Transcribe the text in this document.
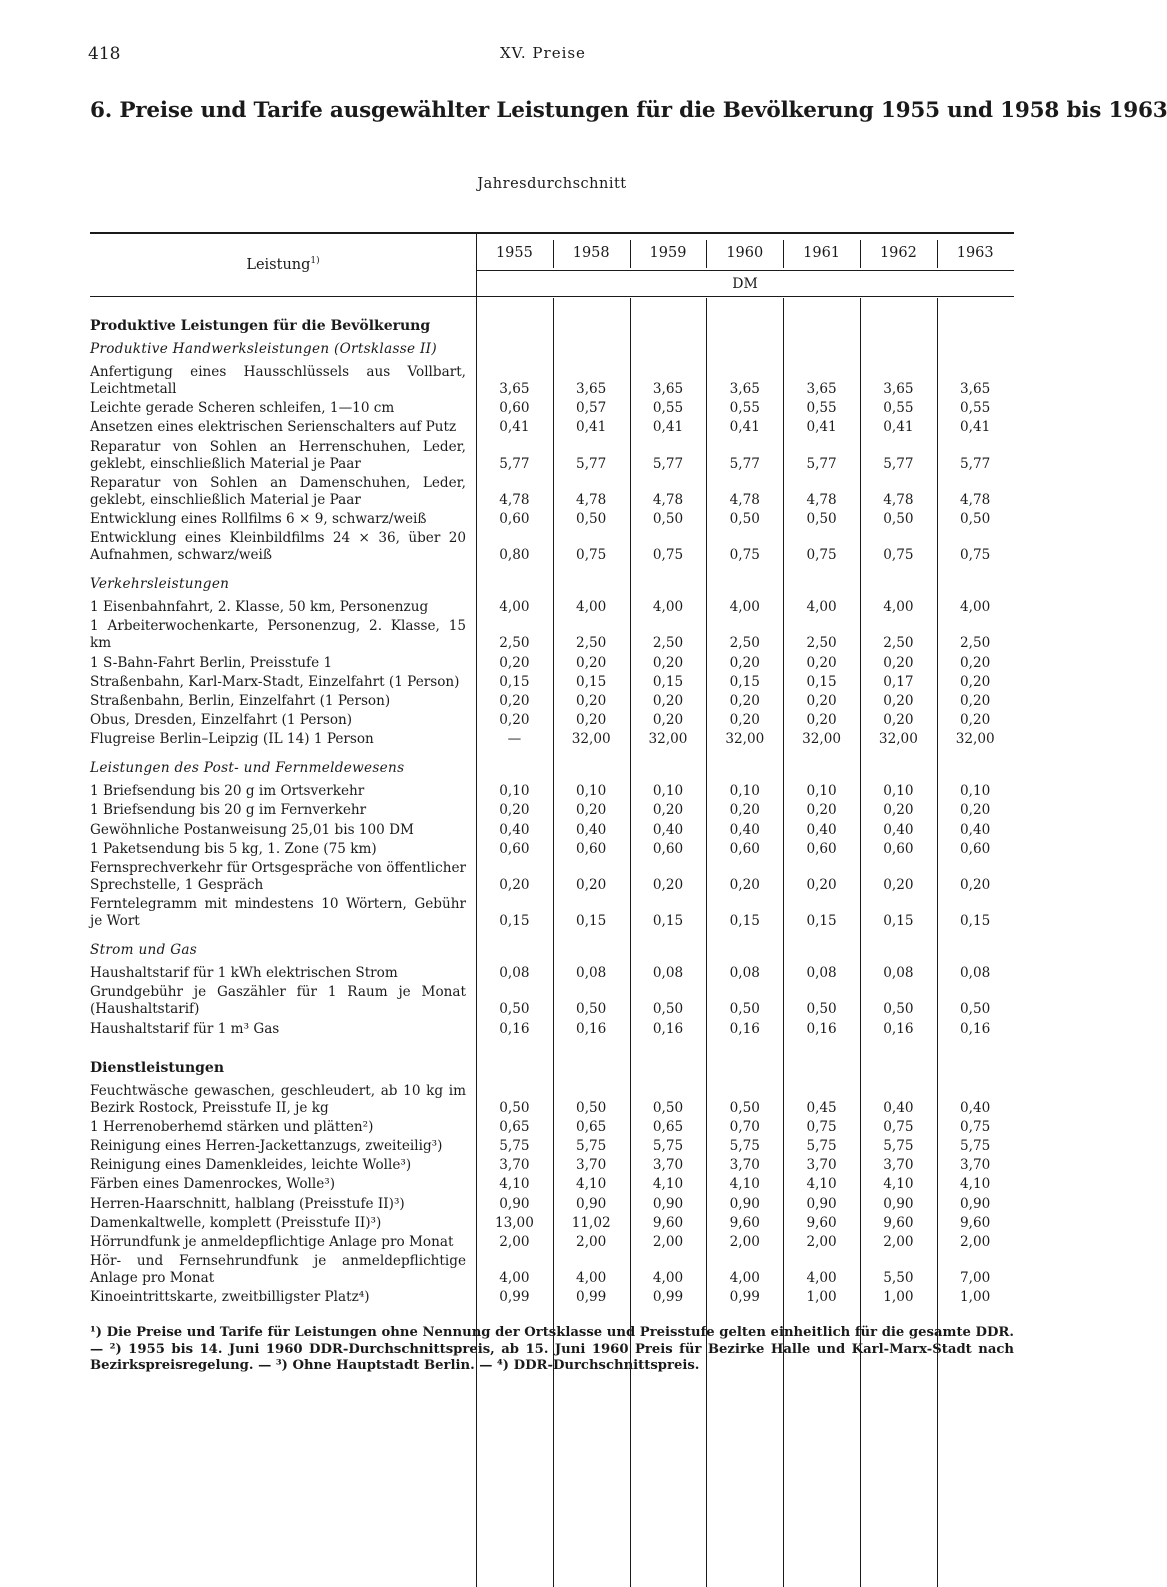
418	XV. Preise
6. Preise und Tarife ausgewählter Leistungen für die Bevölkerung 1955 und 1958 bis 1963
Jahresdurchschnitt
Leistung$^{1)}$	1955	1958	1959	1960	1961	1962	1963
DM
Produktive Leistungen für die Bevölkerung
Produktive Handwerksleistungen (Ortsklasse II)
Anfertigung eines Hausschlüssels aus Vollbart, Leichtmetall	3,65	3,65	3,65	3,65	3,65	3,65	3,65
Leichte gerade Scheren schleifen, 1—10 cm	0,60	0,57	0,55	0,55	0,55	0,55	0,55
Ansetzen eines elektrischen Serienschalters auf Putz	0,41	0,41	0,41	0,41	0,41	0,41	0,41
Reparatur von Sohlen an Herrenschuhen, Leder, geklebt, einschließlich Material je Paar	5,77	5,77	5,77	5,77	5,77	5,77	5,77
Reparatur von Sohlen an Damenschuhen, Leder, geklebt, einschließlich Material je Paar	4,78	4,78	4,78	4,78	4,78	4,78	4,78
Entwicklung eines Rollfilms 6 × 9, schwarz/weiß	0,60	0,50	0,50	0,50	0,50	0,50	0,50
Entwicklung eines Kleinbildfilms 24 × 36, über 20 Aufnahmen, schwarz/weiß	0,80	0,75	0,75	0,75	0,75	0,75	0,75
Verkehrsleistungen
1 Eisenbahnfahrt, 2. Klasse, 50 km, Personenzug	4,00	4,00	4,00	4,00	4,00	4,00	4,00
1 Arbeiterwochenkarte, Personenzug, 2. Klasse, 15 km	2,50	2,50	2,50	2,50	2,50	2,50	2,50
1 S-Bahn-Fahrt Berlin, Preisstufe 1	0,20	0,20	0,20	0,20	0,20	0,20	0,20
Straßenbahn, Karl-Marx-Stadt, Einzelfahrt (1 Person)	0,15	0,15	0,15	0,15	0,15	0,17	0,20
Straßenbahn, Berlin, Einzelfahrt (1 Person)	0,20	0,20	0,20	0,20	0,20	0,20	0,20
Obus, Dresden, Einzelfahrt (1 Person)	0,20	0,20	0,20	0,20	0,20	0,20	0,20
Flugreise Berlin–Leipzig (IL 14) 1 Person	—	32,00	32,00	32,00	32,00	32,00	32,00
Leistungen des Post- und Fernmeldewesens
1 Briefsendung bis 20 g im Ortsverkehr	0,10	0,10	0,10	0,10	0,10	0,10	0,10
1 Briefsendung bis 20 g im Fernverkehr	0,20	0,20	0,20	0,20	0,20	0,20	0,20
Gewöhnliche Postanweisung 25,01 bis 100 DM	0,40	0,40	0,40	0,40	0,40	0,40	0,40
1 Paketsendung bis 5 kg, 1. Zone (75 km)	0,60	0,60	0,60	0,60	0,60	0,60	0,60
Fernsprechverkehr für Ortsgespräche von öffentlicher Sprechstelle, 1 Gespräch	0,20	0,20	0,20	0,20	0,20	0,20	0,20
Ferntelegramm mit mindestens 10 Wörtern, Gebühr je Wort	0,15	0,15	0,15	0,15	0,15	0,15	0,15
Strom und Gas
Haushaltstarif für 1 kWh elektrischen Strom	0,08	0,08	0,08	0,08	0,08	0,08	0,08
Grundgebühr je Gaszähler für 1 Raum je Monat (Haushaltstarif)	0,50	0,50	0,50	0,50	0,50	0,50	0,50
Haushaltstarif für 1 m³ Gas	0,16	0,16	0,16	0,16	0,16	0,16	0,16
Dienstleistungen
Feuchtwäsche gewaschen, geschleudert, ab 10 kg im Bezirk Rostock, Preisstufe II, je kg	0,50	0,50	0,50	0,50	0,45	0,40	0,40
1 Herrenoberhemd stärken und plätten²)	0,65	0,65	0,65	0,70	0,75	0,75	0,75
Reinigung eines Herren-Jackettanzugs, zweiteilig³)	5,75	5,75	5,75	5,75	5,75	5,75	5,75
Reinigung eines Damenkleides, leichte Wolle³)	3,70	3,70	3,70	3,70	3,70	3,70	3,70
Färben eines Damenrockes, Wolle³)	4,10	4,10	4,10	4,10	4,10	4,10	4,10
Herren-Haarschnitt, halblang (Preisstufe II)³)	0,90	0,90	0,90	0,90	0,90	0,90	0,90
Damenkaltwelle, komplett (Preisstufe II)³)	13,00	11,02	9,60	9,60	9,60	9,60	9,60
Hörrundfunk je anmeldepflichtige Anlage pro Monat	2,00	2,00	2,00	2,00	2,00	2,00	2,00
Hör- und Fernsehrundfunk je anmeldepflichtige Anlage pro Monat	4,00	4,00	4,00	4,00	4,00	5,50	7,00
Kinoeintrittskarte, zweitbilligster Platz⁴)	0,99	0,99	0,99	0,99	1,00	1,00	1,00

¹) Die Preise und Tarife für Leistungen ohne Nennung der Ortsklasse und Preisstufe gelten einheitlich für die gesamte DDR. — ²) 1955 bis 14. Juni 1960 DDR-Durchschnittspreis, ab 15. Juni 1960 Preis für Bezirke Halle und Karl-Marx-Stadt nach Bezirkspreisregelung. — ³) Ohne Hauptstadt Berlin. — ⁴) DDR-Durchschnittspreis.
